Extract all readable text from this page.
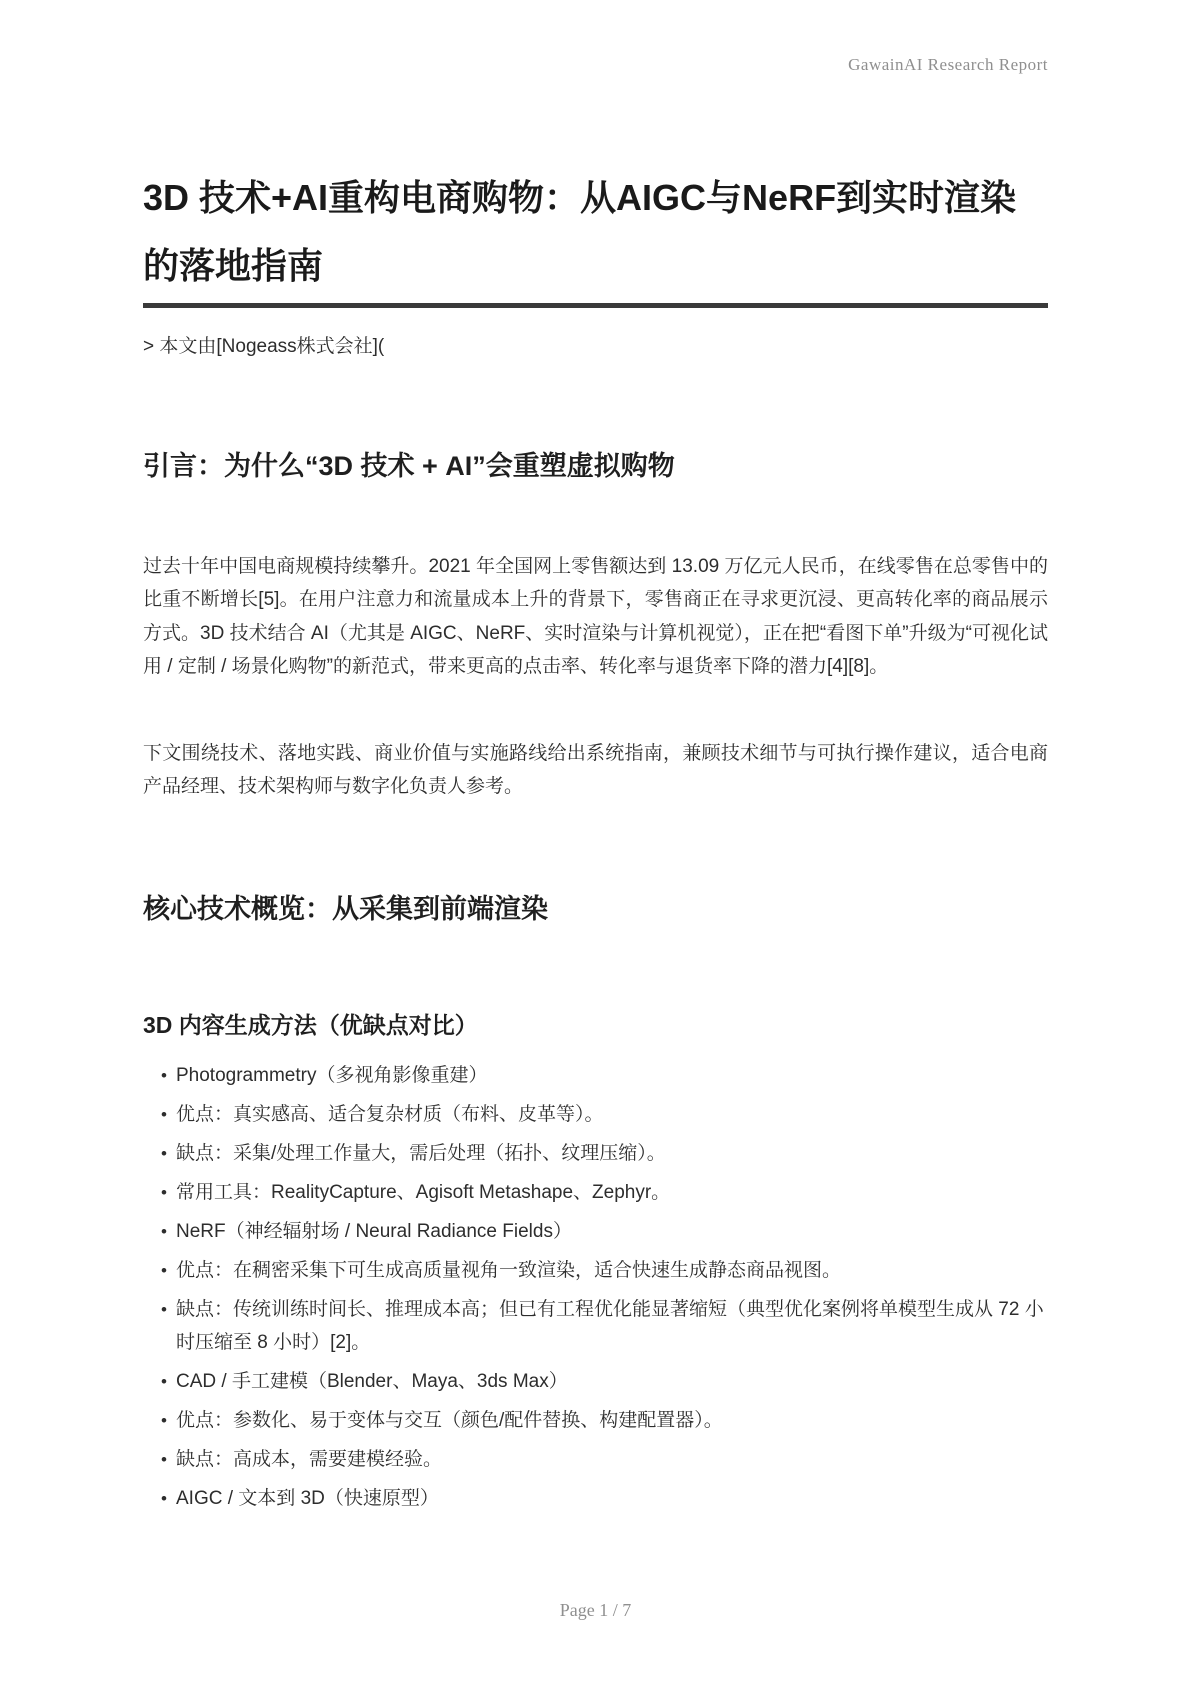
GawainAI Research Report
3D 技术+AI重构电商购物：从AIGC与NeRF到实时渲染的落地指南
> 本文由[Nogeass株式会社](
引言：为什么“3D 技术 + AI”会重塑虚拟购物

过去十年中国电商规模持续攀升。2021 年全国网上零售额达到 13.09 万亿元人民币，在线零售在总零售中的比重不断增长[5]。在用户注意力和流量成本上升的背景下，零售商正在寻求更沉浸、更高转化率的商品展示方式。3D 技术结合 AI（尤其是 AIGC、NeRF、实时渲染与计算机视觉），正在把“看图下单”升级为“可视化试用 / 定制 / 场景化购物”的新范式，带来更高的点击率、转化率与退货率下降的潜力[4][8]。

下文围绕技术、落地实践、商业价值与实施路线给出系统指南，兼顾技术细节与可执行操作建议，适合电商产品经理、技术架构师与数字化负责人参考。

核心技术概览：从采集到前端渲染
3D 内容生成方法（优缺点对比）
• Photogrammetry（多视角影像重建）
• 优点：真实感高、适合复杂材质（布料、皮革等）。
• 缺点：采集/处理工作量大，需后处理（拓扑、纹理压缩）。
• 常用工具：RealityCapture、Agisoft Metashape、Zephyr。
• NeRF（神经辐射场 / Neural Radiance Fields）
• 优点：在稠密采集下可生成高质量视角一致渲染，适合快速生成静态商品视图。
• 缺点：传统训练时间长、推理成本高；但已有工程优化能显著缩短（典型优化案例将单模型生成从 72 小时压缩至 8 小时）[2]。
• CAD / 手工建模（Blender、Maya、3ds Max）
• 优点：参数化、易于变体与交互（颜色/配件替换、构建配置器）。
• 缺点：高成本，需要建模经验。
• AIGC / 文本到 3D（快速原型）
Page 1 / 7
